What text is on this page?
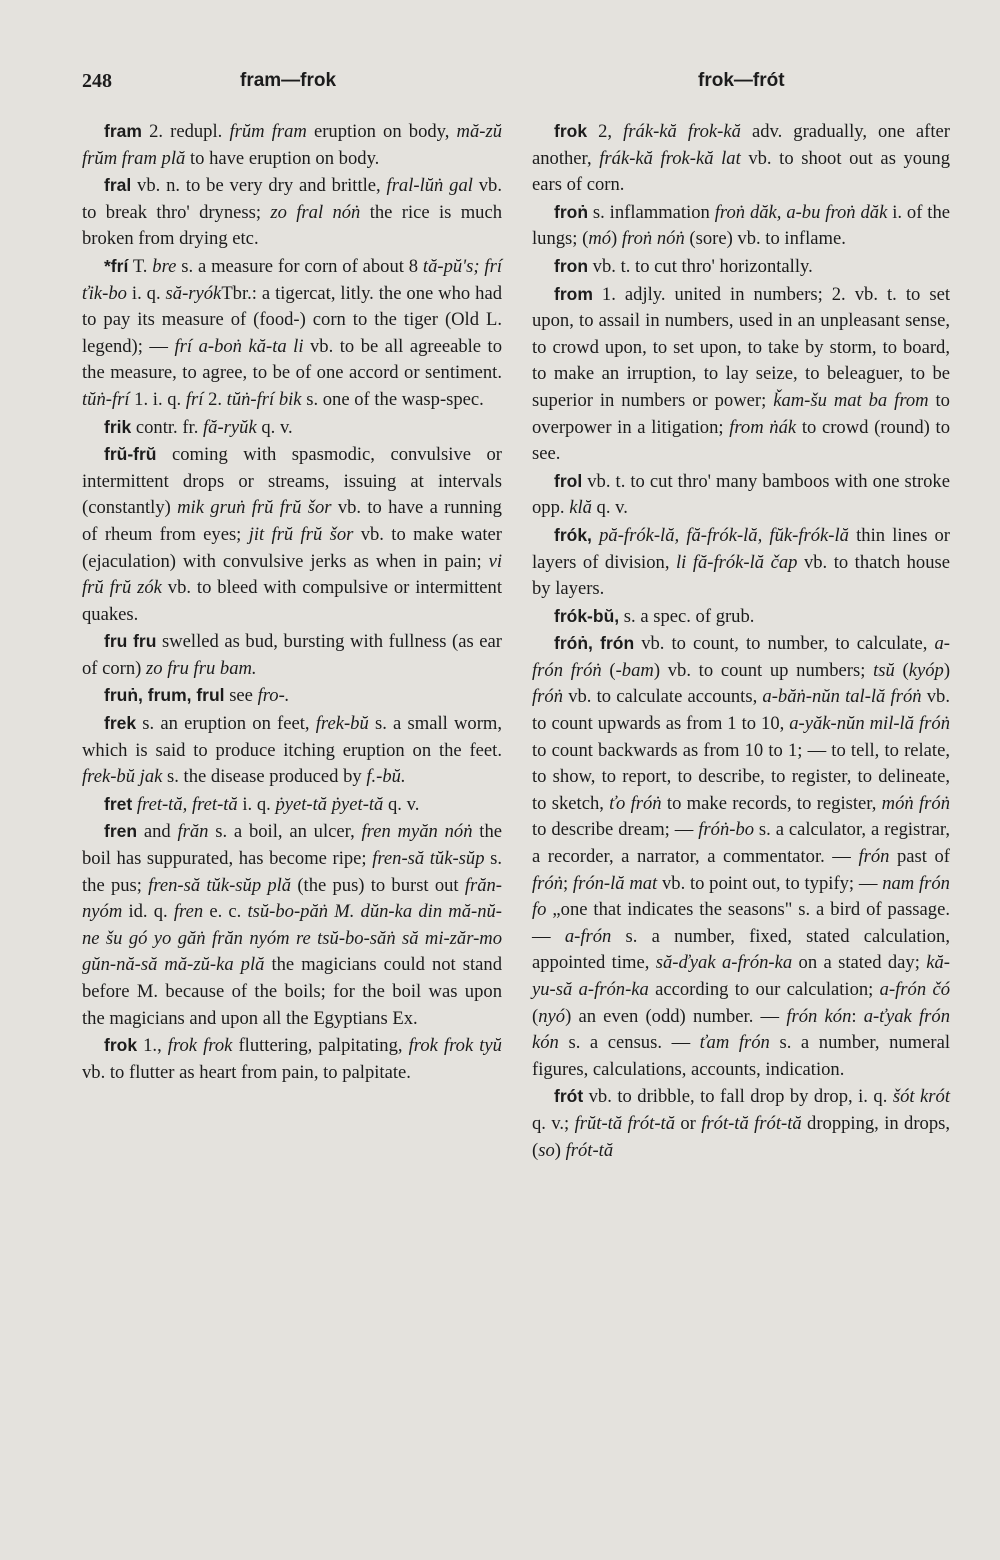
248	fram—frok	frok—frót

fram 2. redupl. frŭm fram eruption on body, mă-zŭ frŭm fram plă to have eruption on body.

fral vb. n. to be very dry and brittle, fral-lŭṅ gal vb. to break thro' dryness; zo fral nóṅ the rice is much broken from drying etc.

*frí T. bre s. a measure for corn of about 8 tă-pŭ's; frí ťik-bo i. q. să-ryókTbr.: a tigercat, litly. the one who had to pay its measure of (food-) corn to the tiger (Old L. legend); — frí a-boṅ kă-ta li vb. to be all agreeable to the measure, to agree, to be of one accord or sentiment. tŭṅ-frí 1. i. q. frí 2. tŭṅ-frí bik s. one of the wasp-spec.

frik contr. fr. fă-ryŭk q. v.

frŭ-frŭ coming with spasmodic, convulsive or intermittent drops or streams, issuing at intervals (constantly) mik gruṅ frŭ frŭ šor vb. to have a running of rheum from eyes; jit frŭ frŭ šor vb. to make water (ejaculation) with convulsive jerks as when in pain; vi frŭ frŭ zók vb. to bleed with compulsive or intermittent quakes.

fru fru swelled as bud, bursting with fullness (as ear of corn) zo fru fru bam.

fruṅ, frum, frul see fro-.

frek s. an eruption on feet, frek-bŭ s. a small worm, which is said to produce itching eruption on the feet. frek-bŭ jak s. the disease produced by f.-bŭ.

fret fret-tă, fret-tă i. q. ṗyet-tă ṗyet-tă q. v.

fren and frăn s. a boil, an ulcer, fren myăn nóṅ the boil has suppurated, has become ripe; fren-să tŭk-sŭp s. the pus; fren-să tŭk-sŭp plă (the pus) to burst out frăn-nyóm id. q. fren e. c. tsŭ-bo-păṅ M. dŭn-ka din mă-nŭ-ne šu gó yo găṅ frăn nyóm re tsŭ-bo-săṅ să mi-zăr-mo gŭn-nă-să mă-zŭ-ka plă the magicians could not stand before M. because of the boils; for the boil was upon the magicians and upon all the Egyptians Ex.

frok 1., frok frok fluttering, palpitating, frok frok tyŭ vb. to flutter as heart from pain, to palpitate.

frok 2, frák-kă frok-kă adv. gradually, one after another, frák-kă frok-kă lat vb. to shoot out as young ears of corn.

froṅ s. inflammation froṅ dăk, a-bu froṅ dăk i. of the lungs; (mó) froṅ nóṅ (sore) vb. to inflame.

fron vb. t. to cut thro' horizontally.

from 1. adjly. united in numbers; 2. vb. t. to set upon, to assail in numbers, used in an unpleasant sense, to crowd upon, to set upon, to take by storm, to board, to make an irruption, to lay seize, to beleaguer, to be superior in numbers or power; ǩam-šu mat ba from to overpower in a litigation; from ṅák to crowd (round) to see.

frol vb. t. to cut thro' many bamboos with one stroke opp. klă q. v.

frók, pă-frók-lă, fă-frók-lă, fŭk-frók-lă thin lines or layers of division, li fă-frók-lă čap vb. to thatch house by layers.

frók-bŭ, s. a spec. of grub.

fróṅ, frón vb. to count, to number, to calculate, a-frón fróṅ (-bam) vb. to count up numbers; tsŭ (kyóp) fróṅ vb. to calculate accounts, a-băṅ-nŭn tal-lă fróṅ vb. to count upwards as from 1 to 10, a-yăk-nŭn mil-lă fróṅ to count backwards as from 10 to 1; — to tell, to relate, to show, to report, to describe, to register, to delineate, to sketch, ťo fróṅ to make records, to register, móṅ fróṅ to describe dream; — fróṅ-bo s. a calculator, a registrar, a recorder, a narrator, a commentator. — frón past of fróṅ; frón-lă mat vb. to point out, to typify; — nam frón fo „one that indicates the seasons" s. a bird of passage. — a-frón s. a number, fixed, stated calculation, appointed time, să-ďyak a-frón-ka on a stated day; kă-yu-să a-frón-ka according to our calculation; a-frón čó (nyó) an even (odd) number. — frón kón: a-ťyak frón kón s. a census. — ťam frón s. a number, numeral figures, calculations, accounts, indication.

frót vb. to dribble, to fall drop by drop, i. q. šót krót q. v.; frŭt-tă frót-tă or frót-tă frót-tă dropping, in drops, (so) frót-tă
